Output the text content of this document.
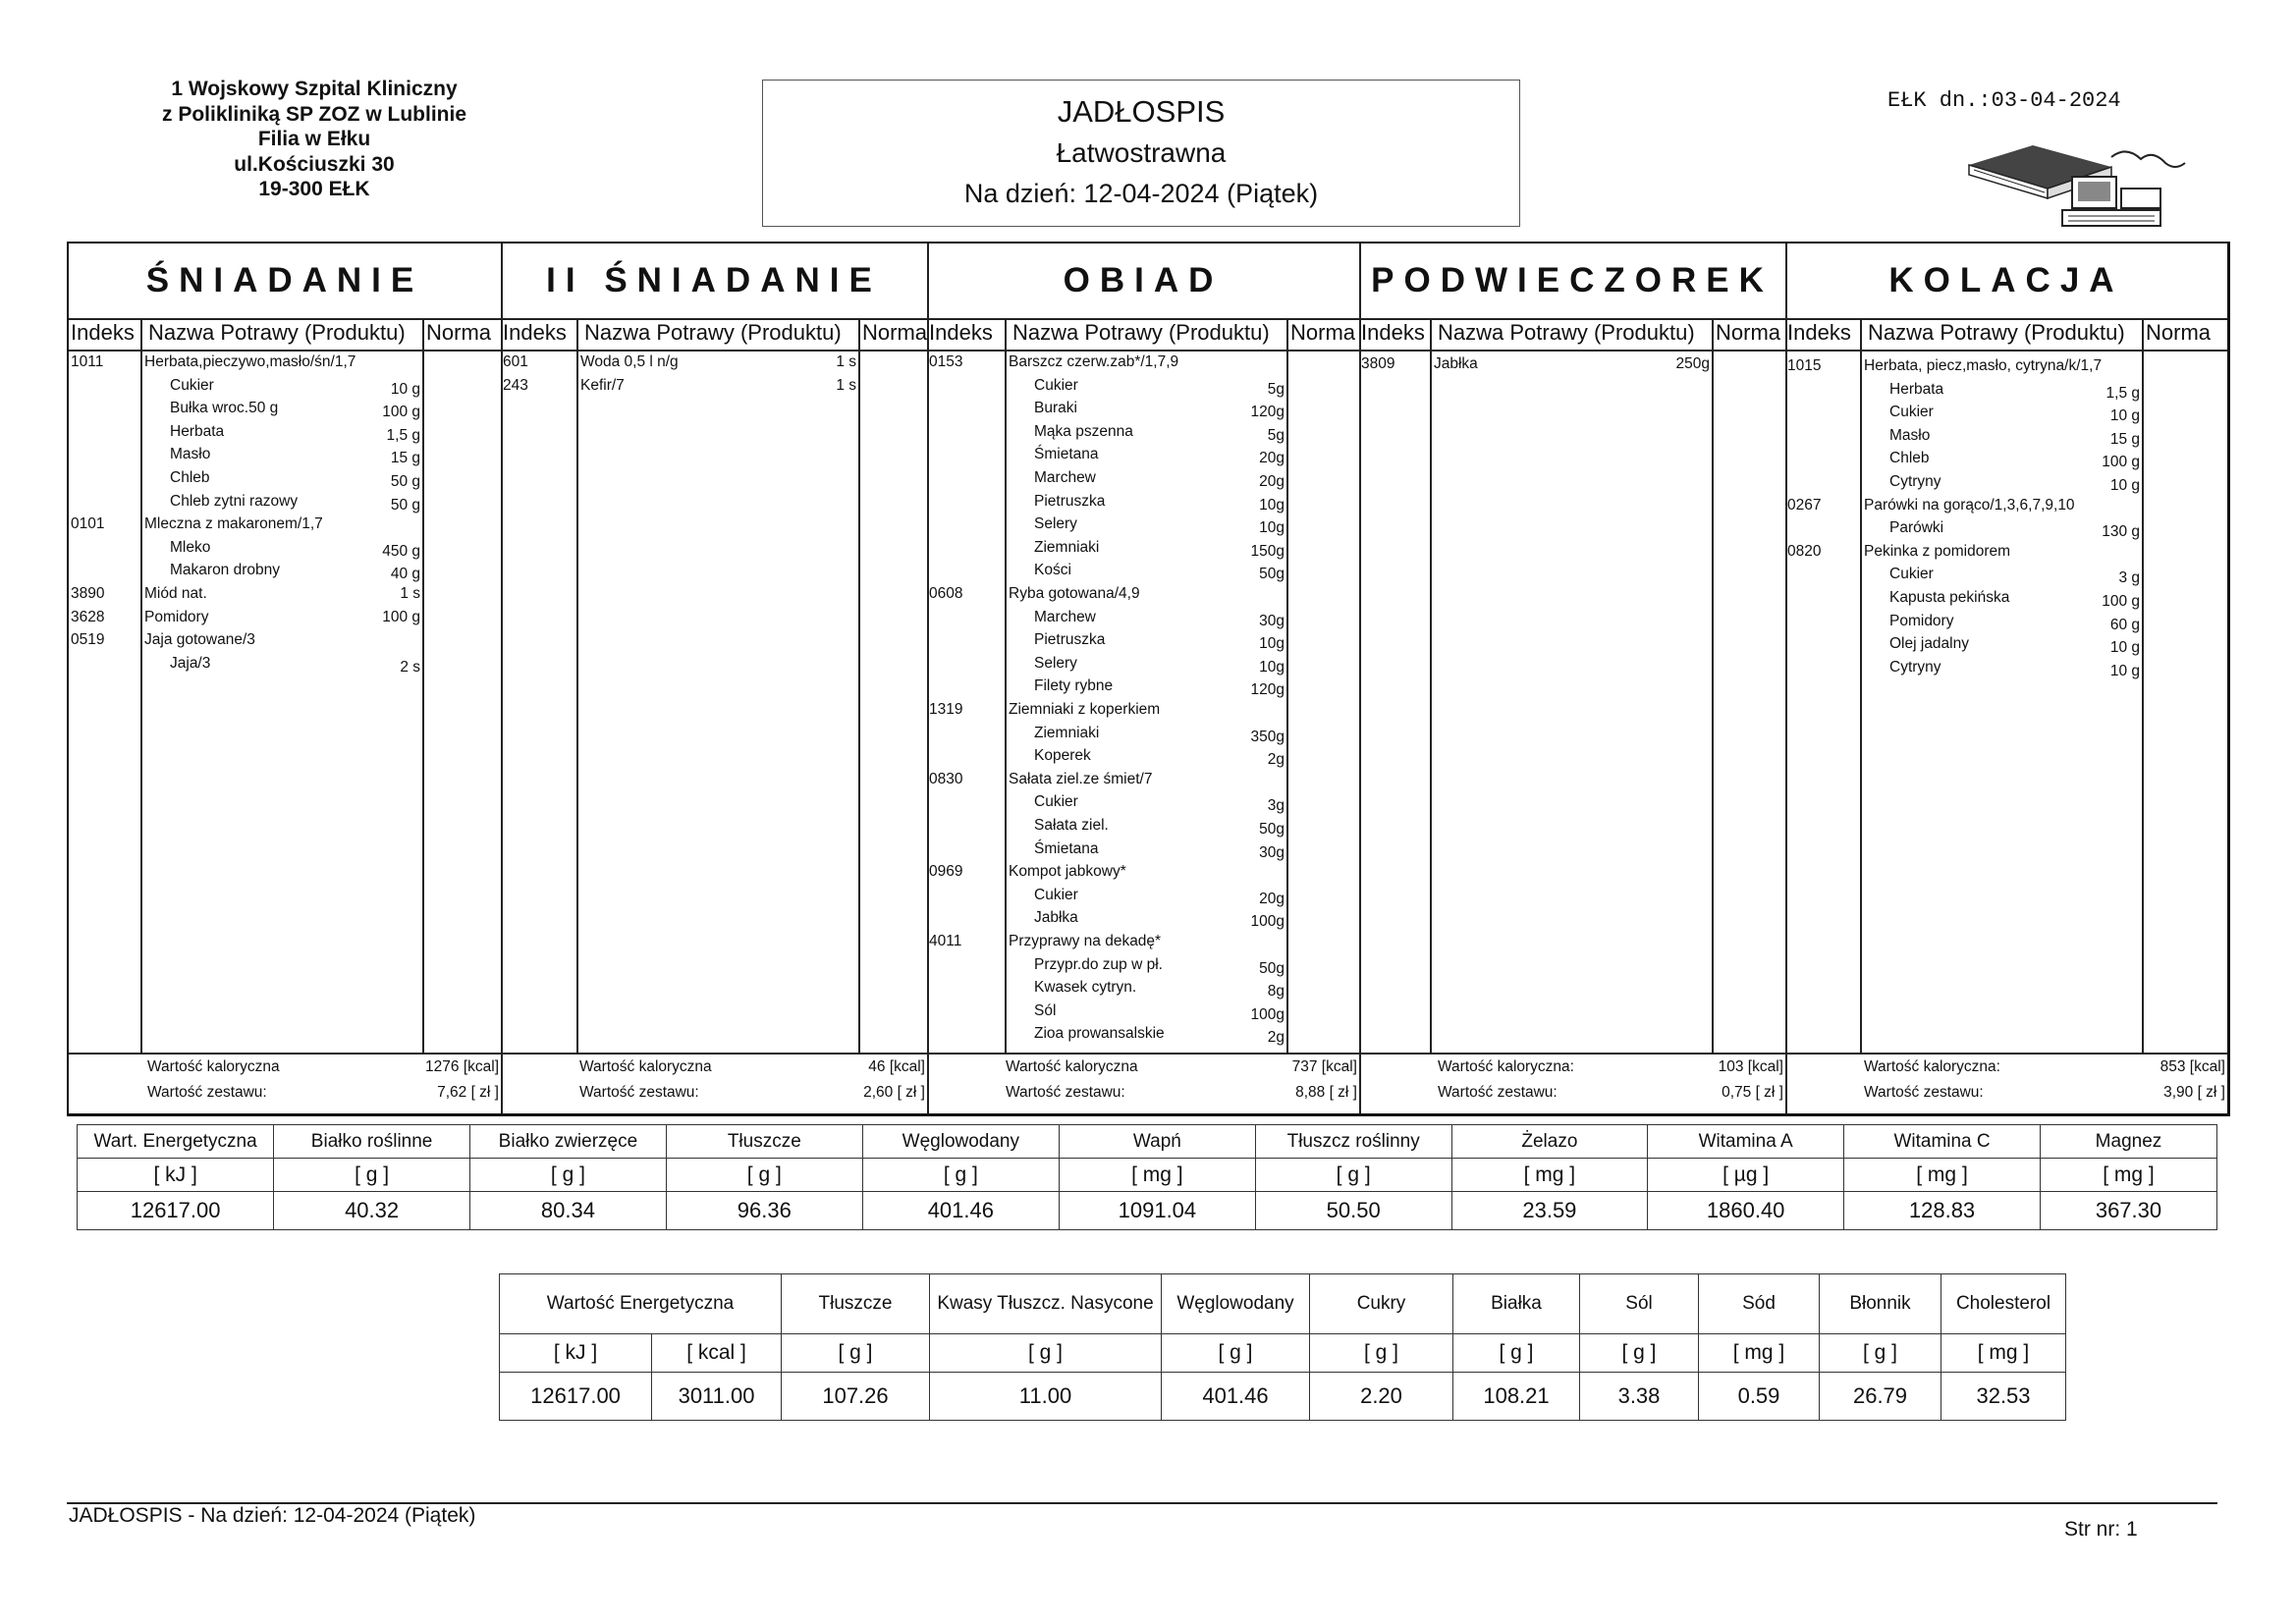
1 Wojskowy Szpital Kliniczny
z Polikliniką SP ZOZ w Lublinie
Filia w Ełku
ul.Kościuszki 30
19-300 EŁK
JADŁOSPIS
Łatwostrawna
Na dzień: 12-04-2024 (Piątek)
EŁK dn.:03-04-2024
ŚNIADANIE
Indeks Nazwa Potrawy (Produktu) Norma
1011	Herbata,pieczywo,masło/śn/1,7
Cukier	10 g
Bułka wroc.50 g	100 g
Herbata	1,5 g
Masło	15 g
Chleb	50 g
Chleb zytni razowy	50 g
0101	Mleczna z makaronem/1,7
Mleko	450 g
Makaron drobny	40 g
3890	Miód nat.	1 s
3628	Pomidory	100 g
0519	Jaja gotowane/3
Jaja/3	2 s
Wartość kaloryczna	1276 [kcal]
Wartość zestawu:	7,62 [ zł ]
II ŚNIADANIE
Indeks Nazwa Potrawy (Produktu) Norma
601	Woda 0,5 l n/g	1 s
243	Kefir/7	1 s
Wartość kaloryczna	46 [kcal]
Wartość zestawu:	2,60 [ zł ]
OBIAD
Indeks Nazwa Potrawy (Produktu) Norma
0153	Barszcz czerw.zab*/1,7,9
Cukier	5g
Buraki	120g
Mąka pszenna	5g
Śmietana	20g
Marchew	20g
Pietruszka	10g
Selery	10g
Ziemniaki	150g
Kości	50g
0608	Ryba gotowana/4,9
Marchew	30g
Pietruszka	10g
Selery	10g
Filety rybne	120g
1319	Ziemniaki z koperkiem
Ziemniaki	350g
Koperek	2g
0830	Sałata ziel.ze śmiet/7
Cukier	3g
Sałata ziel.	50g
Śmietana	30g
0969	Kompot jabkowy*
Cukier	20g
Jabłka	100g
4011	Przyprawy na dekadę*
Przypr.do zup w pł.	50g
Kwasek cytryn.	8g
Sól	100g
Zioa prowansalskie	2g
Wartość kaloryczna	737 [kcal]
Wartość zestawu:	8,88 [ zł ]
PODWIECZOREK
Indeks Nazwa Potrawy (Produktu) Norma
3809	Jabłka	250g
Wartość kaloryczna:	103 [kcal]
Wartość zestawu:	0,75 [ zł ]
KOLACJA
Indeks Nazwa Potrawy (Produktu) Norma
1015	Herbata, piecz,masło, cytryna/k/1,7
Herbata	1,5 g
Cukier	10 g
Masło	15 g
Chleb	100 g
Cytryny	10 g
0267	Parówki na gorąco/1,3,6,7,9,10
Parówki	130 g
0820	Pekinka z pomidorem
Cukier	3 g
Kapusta pekińska	100 g
Pomidory	60 g
Olej jadalny	10 g
Cytryny	10 g
Wartość kaloryczna:	853 [kcal]
Wartość zestawu:	3,90 [ zł ]
Wart. Energetyczna	Białko roślinne	Białko zwierzęce	Tłuszcze	Węglowodany	Wapń	Tłuszcz roślinny	Żelazo	Witamina A	Witamina C	Magnez
[ kJ ]	[ g ]	[ g ]	[ g ]	[ g ]	[ mg ]	[ g ]	[ mg ]	[ µg ]	[ mg ]	[ mg ]
12617.00	40.32	80.34	96.36	401.46	1091.04	50.50	23.59	1860.40	128.83	367.30
Wartość Energetyczna		Tłuszcze	Kwasy Tłuszcz. Nasycone	Węglowodany	Cukry	Białka	Sól	Sód	Błonnik	Cholesterol
[ kJ ]	[ kcal ]	[ g ]	[ g ]	[ g ]	[ g ]	[ g ]	[ g ]	[ mg ]	[ g ]	[ mg ]
12617.00	3011.00	107.26	11.00	401.46	2.20	108.21	3.38	0.59	26.79	32.53
JADŁOSPIS - Na dzień: 12-04-2024 (Piątek)
Str nr: 1
